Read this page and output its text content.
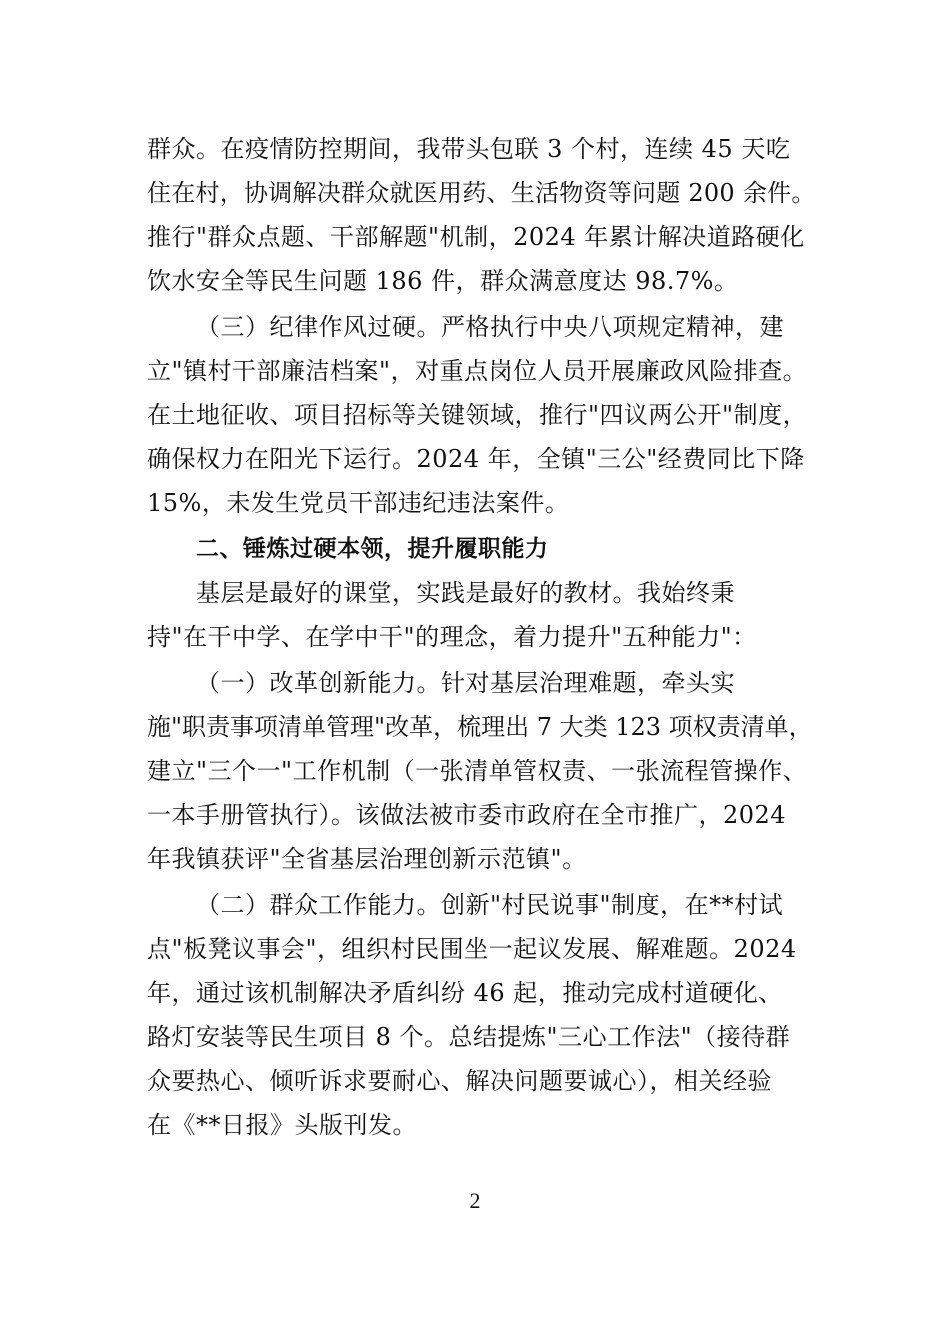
群众。在疫情防控期间，我带头包联 3 个村，连续 45 天吃
住在村，协调解决群众就医用药、生活物资等问题 200 余件。
推行"群众点题、干部解题"机制，2024 年累计解决道路硬化
饮水安全等民生问题 186 件，群众满意度达 98.7%。
（三）纪律作风过硬。严格执行中央八项规定精神，建
立"镇村干部廉洁档案"，对重点岗位人员开展廉政风险排查。
在土地征收、项目招标等关键领域，推行"四议两公开"制度，
确保权力在阳光下运行。2024 年，全镇"三公"经费同比下降
15%，未发生党员干部违纪违法案件。
二、锤炼过硬本领，提升履职能力
基层是最好的课堂，实践是最好的教材。我始终秉
持"在干中学、在学中干"的理念，着力提升"五种能力"：
（一）改革创新能力。针对基层治理难题，牵头实
施"职责事项清单管理"改革，梳理出 7 大类 123 项权责清单，
建立"三个一"工作机制（一张清单管权责、一张流程管操作、
一本手册管执行）。该做法被市委市政府在全市推广，2024
年我镇获评"全省基层治理创新示范镇"。
（二）群众工作能力。创新"村民说事"制度，在**村试
点"板凳议事会"，组织村民围坐一起议发展、解难题。2024
年，通过该机制解决矛盾纠纷 46 起，推动完成村道硬化、
路灯安装等民生项目 8 个。总结提炼"三心工作法"（接待群
众要热心、倾听诉求要耐心、解决问题要诚心），相关经验
在《**日报》头版刊发。
2
